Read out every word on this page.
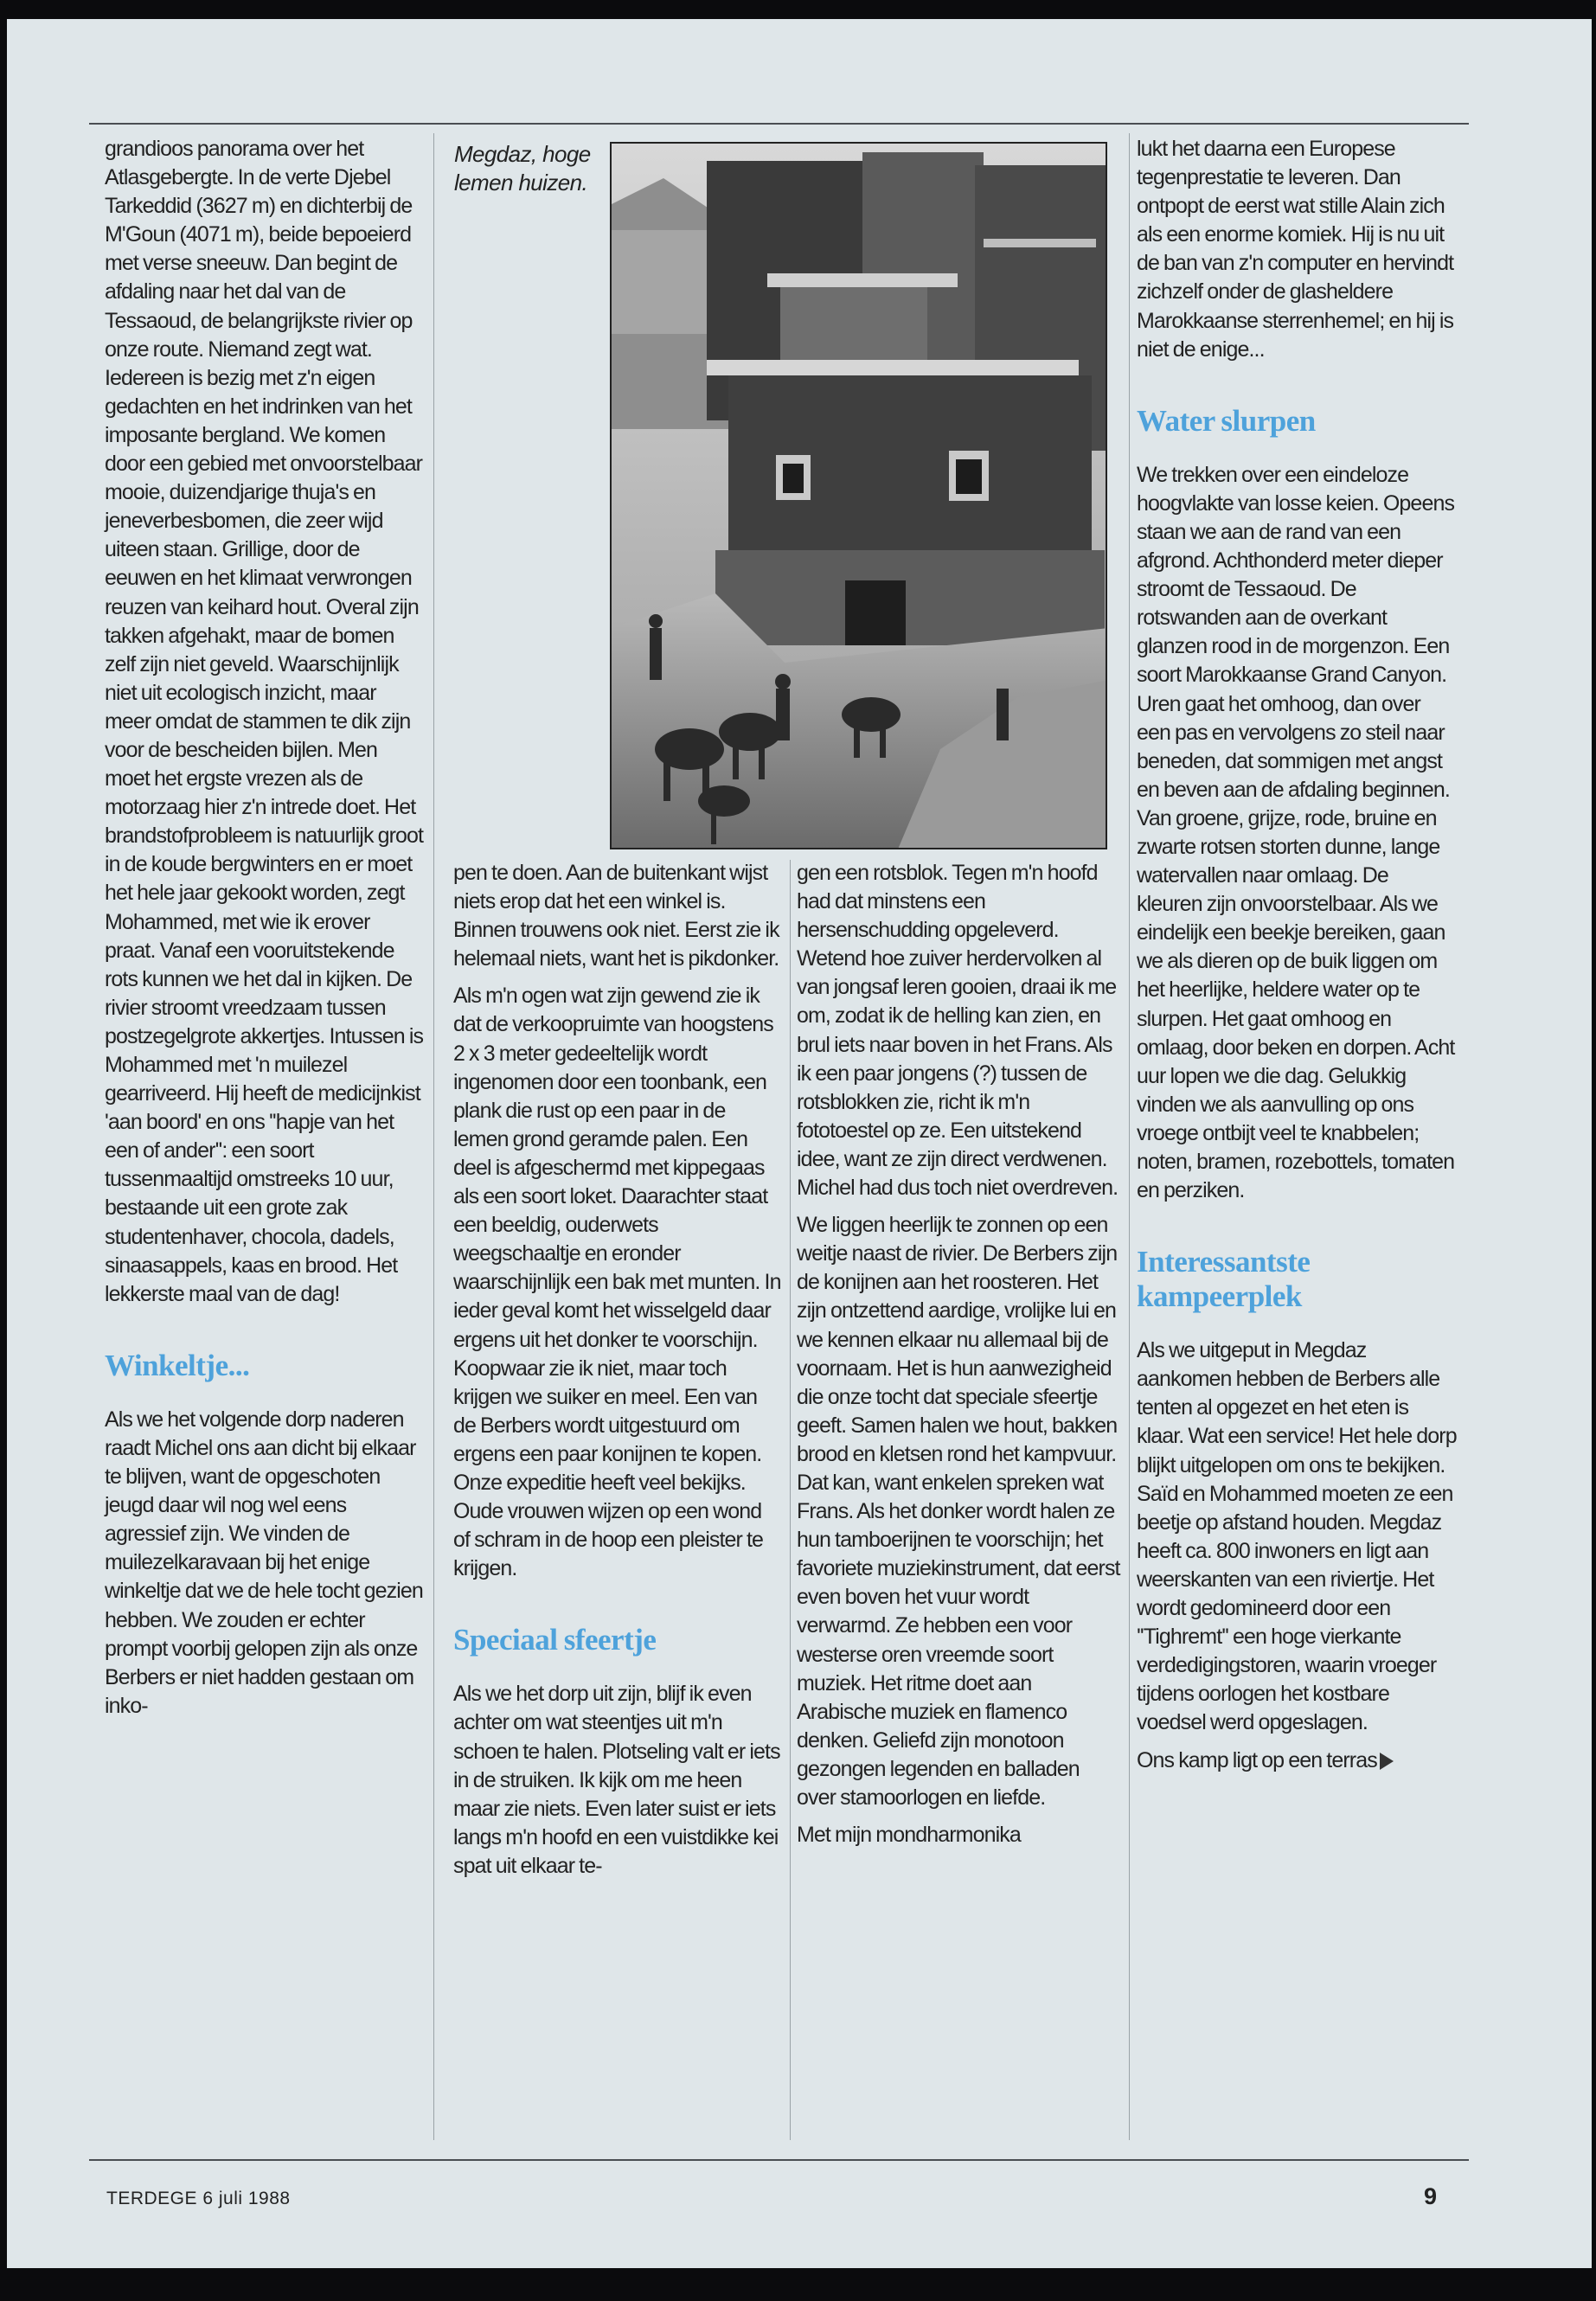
grandioos panorama over het Atlasgebergte. In de verte Djebel Tarkeddid (3627 m) en dichterbij de M'Goun (4071 m), beide bepoeierd met verse sneeuw. Dan begint de afdaling naar het dal van de Tessaoud, de belangrijkste rivier op onze route. Niemand zegt wat. Iedereen is bezig met z'n eigen gedachten en het indrinken van het imposante bergland. We komen door een gebied met onvoorstelbaar mooie, duizendjarige thuja's en jeneverbesbomen, die zeer wijd uiteen staan. Grillige, door de eeuwen en het klimaat verwrongen reuzen van keihard hout. Overal zijn takken afgehakt, maar de bomen zelf zijn niet geveld. Waarschijnlijk niet uit ecologisch inzicht, maar meer omdat de stammen te dik zijn voor de bescheiden bijlen. Men moet het ergste vrezen als de motorzaag hier z'n intrede doet. Het brandstofprobleem is natuurlijk groot in de koude bergwinters en er moet het hele jaar gekookt worden, zegt Mohammed, met wie ik erover praat. Vanaf een vooruitstekende rots kunnen we het dal in kijken. De rivier stroomt vreedzaam tussen postzegelgrote akkertjes. Intussen is Mohammed met 'n muilezel gearriveerd. Hij heeft de medicijnkist 'aan boord' en ons ''hapje van het een of ander'': een soort tussenmaaltijd omstreeks 10 uur, bestaande uit een grote zak studentenhaver, chocola, dadels, sinaasappels, kaas en brood. Het lekkerste maal van de dag!

Winkeltje...

Als we het volgende dorp naderen raadt Michel ons aan dicht bij elkaar te blijven, want de opgeschoten jeugd daar wil nog wel eens agressief zijn. We vinden de muilezelkaravaan bij het enige winkeltje dat we de hele tocht gezien hebben. We zouden er echter prompt voorbij gelopen zijn als onze Berbers er niet hadden gestaan om inko-

Megdaz, hoge lemen huizen.

pen te doen. Aan de buitenkant wijst niets erop dat het een winkel is. Binnen trouwens ook niet. Eerst zie ik helemaal niets, want het is pikdonker.

Als m'n ogen wat zijn gewend zie ik dat de verkoopruimte van hoogstens 2 x 3 meter gedeeltelijk wordt ingenomen door een toonbank, een plank die rust op een paar in de lemen grond geramde palen. Een deel is afgeschermd met kippegaas als een soort loket. Daarachter staat een beeldig, ouderwets weegschaaltje en eronder waarschijnlijk een bak met munten. In ieder geval komt het wisselgeld daar ergens uit het donker te voorschijn. Koopwaar zie ik niet, maar toch krijgen we suiker en meel. Een van de Berbers wordt uitgestuurd om ergens een paar konijnen te kopen. Onze expeditie heeft veel bekijks. Oude vrouwen wijzen op een wond of schram in de hoop een pleister te krijgen.

Speciaal sfeertje

Als we het dorp uit zijn, blijf ik even achter om wat steentjes uit m'n schoen te halen. Plotseling valt er iets in de struiken. Ik kijk om me heen maar zie niets. Even later suist er iets langs m'n hoofd en een vuistdikke kei spat uit elkaar te-

gen een rotsblok. Tegen m'n hoofd had dat minstens een hersenschudding opgeleverd. Wetend hoe zuiver herdervolken al van jongsaf leren gooien, draai ik me om, zodat ik de helling kan zien, en brul iets naar boven in het Frans. Als ik een paar jongens (?) tussen de rotsblokken zie, richt ik m'n fototoestel op ze. Een uitstekend idee, want ze zijn direct verdwenen. Michel had dus toch niet overdreven.

We liggen heerlijk te zonnen op een weitje naast de rivier. De Berbers zijn de konijnen aan het roosteren. Het zijn ontzettend aardige, vrolijke lui en we kennen elkaar nu allemaal bij de voornaam. Het is hun aanwezigheid die onze tocht dat speciale sfeertje geeft. Samen halen we hout, bakken brood en kletsen rond het kampvuur. Dat kan, want enkelen spreken wat Frans. Als het donker wordt halen ze hun tamboerijnen te voorschijn; het favoriete muziekinstrument, dat eerst even boven het vuur wordt verwarmd. Ze hebben een voor westerse oren vreemde soort muziek. Het ritme doet aan Arabische muziek en flamenco denken. Geliefd zijn monotoon gezongen legenden en balladen over stamoorlogen en liefde.

Met mijn mondharmonika

lukt het daarna een Europese tegenprestatie te leveren. Dan ontpopt de eerst wat stille Alain zich als een enorme komiek. Hij is nu uit de ban van z'n computer en hervindt zichzelf onder de glasheldere Marokkaanse sterrenhemel; en hij is niet de enige...

Water slurpen

We trekken over een eindeloze hoogvlakte van losse keien. Opeens staan we aan de rand van een afgrond. Achthonderd meter dieper stroomt de Tessaoud. De rotswanden aan de overkant glanzen rood in de morgenzon. Een soort Marokkaanse Grand Canyon. Uren gaat het omhoog, dan over een pas en vervolgens zo steil naar beneden, dat sommigen met angst en beven aan de afdaling beginnen. Van groene, grijze, rode, bruine en zwarte rotsen storten dunne, lange watervallen naar omlaag. De kleuren zijn onvoorstelbaar. Als we eindelijk een beekje bereiken, gaan we als dieren op de buik liggen om het heerlijke, heldere water op te slurpen. Het gaat omhoog en omlaag, door beken en dorpen. Acht uur lopen we die dag. Gelukkig vinden we als aanvulling op ons vroege ontbijt veel te knabbelen; noten, bramen, rozebottels, tomaten en perziken.

Interessantste kampeerplek

Als we uitgeput in Megdaz aankomen hebben de Berbers alle tenten al opgezet en het eten is klaar. Wat een service! Het hele dorp blijkt uitgelopen om ons te bekijken. Saïd en Mohammed moeten ze een beetje op afstand houden. Megdaz heeft ca. 800 inwoners en ligt aan weerskanten van een riviertje. Het wordt gedomineerd door een ''Tighremt'' een hoge vierkante verdedigingstoren, waarin vroeger tijdens oorlogen het kostbare voedsel werd opgeslagen.

Ons kamp ligt op een terras

TERDEGE 6 juli 1988	9
